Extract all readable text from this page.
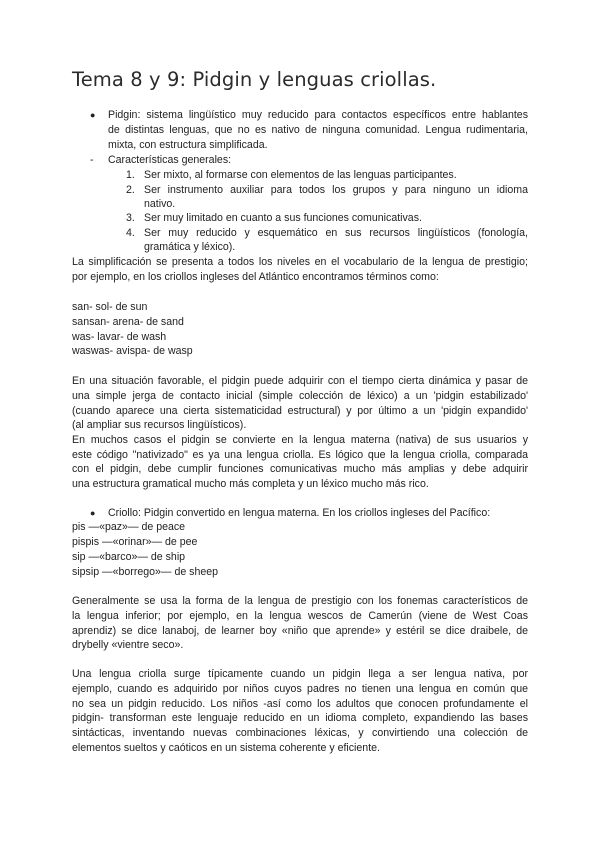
Tema 8 y 9: Pidgin y lenguas criollas.
● Pidgin: sistema lingüístico muy reducido para contactos específicos entre hablantes

de distintas lenguas, que no es nativo de ninguna comunidad. Lengua rudimentaria,

mixta, con estructura simplificada.

- Características generales:

1. Ser mixto, al formarse con elementos de las lenguas participantes.

2. Ser instrumento auxiliar para todos los grupos y para ninguno un idioma

nativo.

3. Ser muy limitado en cuanto a sus funciones comunicativas.

4. Ser muy reducido y esquemático en sus recursos lingüísticos (fonología,

gramática y léxico).

La simplificación se presenta a todos los niveles en el vocabulario de la lengua de prestigio;

por ejemplo, en los criollos ingleses del Atlántico encontramos términos como:

san- sol- de sun

sansan- arena- de sand

was- lavar- de wash

waswas- avispa- de wasp

En una situación favorable, el pidgin puede adquirir con el tiempo cierta dinámica y pasar de

una simple jerga de contacto inicial (simple colección de léxico) a un 'pidgin estabilizado'

(cuando aparece una cierta sistematicidad estructural) y por último a un 'pidgin expandido'

(al ampliar sus recursos lingüísticos).

En muchos casos el pidgin se convierte en la lengua materna (nativa) de sus usuarios y

este código "nativizado" es ya una lengua criolla. Es lógico que la lengua criolla, comparada

con el pidgin, debe cumplir funciones comunicativas mucho más amplias y debe adquirir

una estructura gramatical mucho más completa y un léxico mucho más rico.

● Criollo: Pidgin convertido en lengua materna. En los criollos ingleses del Pacífico:

pis —«paz»— de peace

pispis —«orinar»— de pee

sip —«barco»— de ship

sipsip —«borrego»— de sheep

Generalmente se usa la forma de la lengua de prestigio con los fonemas característicos de

la lengua inferior; por ejemplo, en la lengua wescos de Camerún (viene de West Coas

aprendiz) se dice lanaboj, de learner boy «niño que aprende» y estéril se dice draibele, de

drybelly «vientre seco».

Una lengua criolla surge típicamente cuando un pidgin llega a ser lengua nativa, por

ejemplo, cuando es adquirido por niños cuyos padres no tienen una lengua en común que

no sea un pidgin reducido. Los niños -así como los adultos que conocen profundamente el

pidgin- transforman este lenguaje reducido en un idioma completo, expandiendo las bases

sintácticas, inventando nuevas combinaciones léxicas, y convirtiendo una colección de

elementos sueltos y caóticos en un sistema coherente y eficiente.
